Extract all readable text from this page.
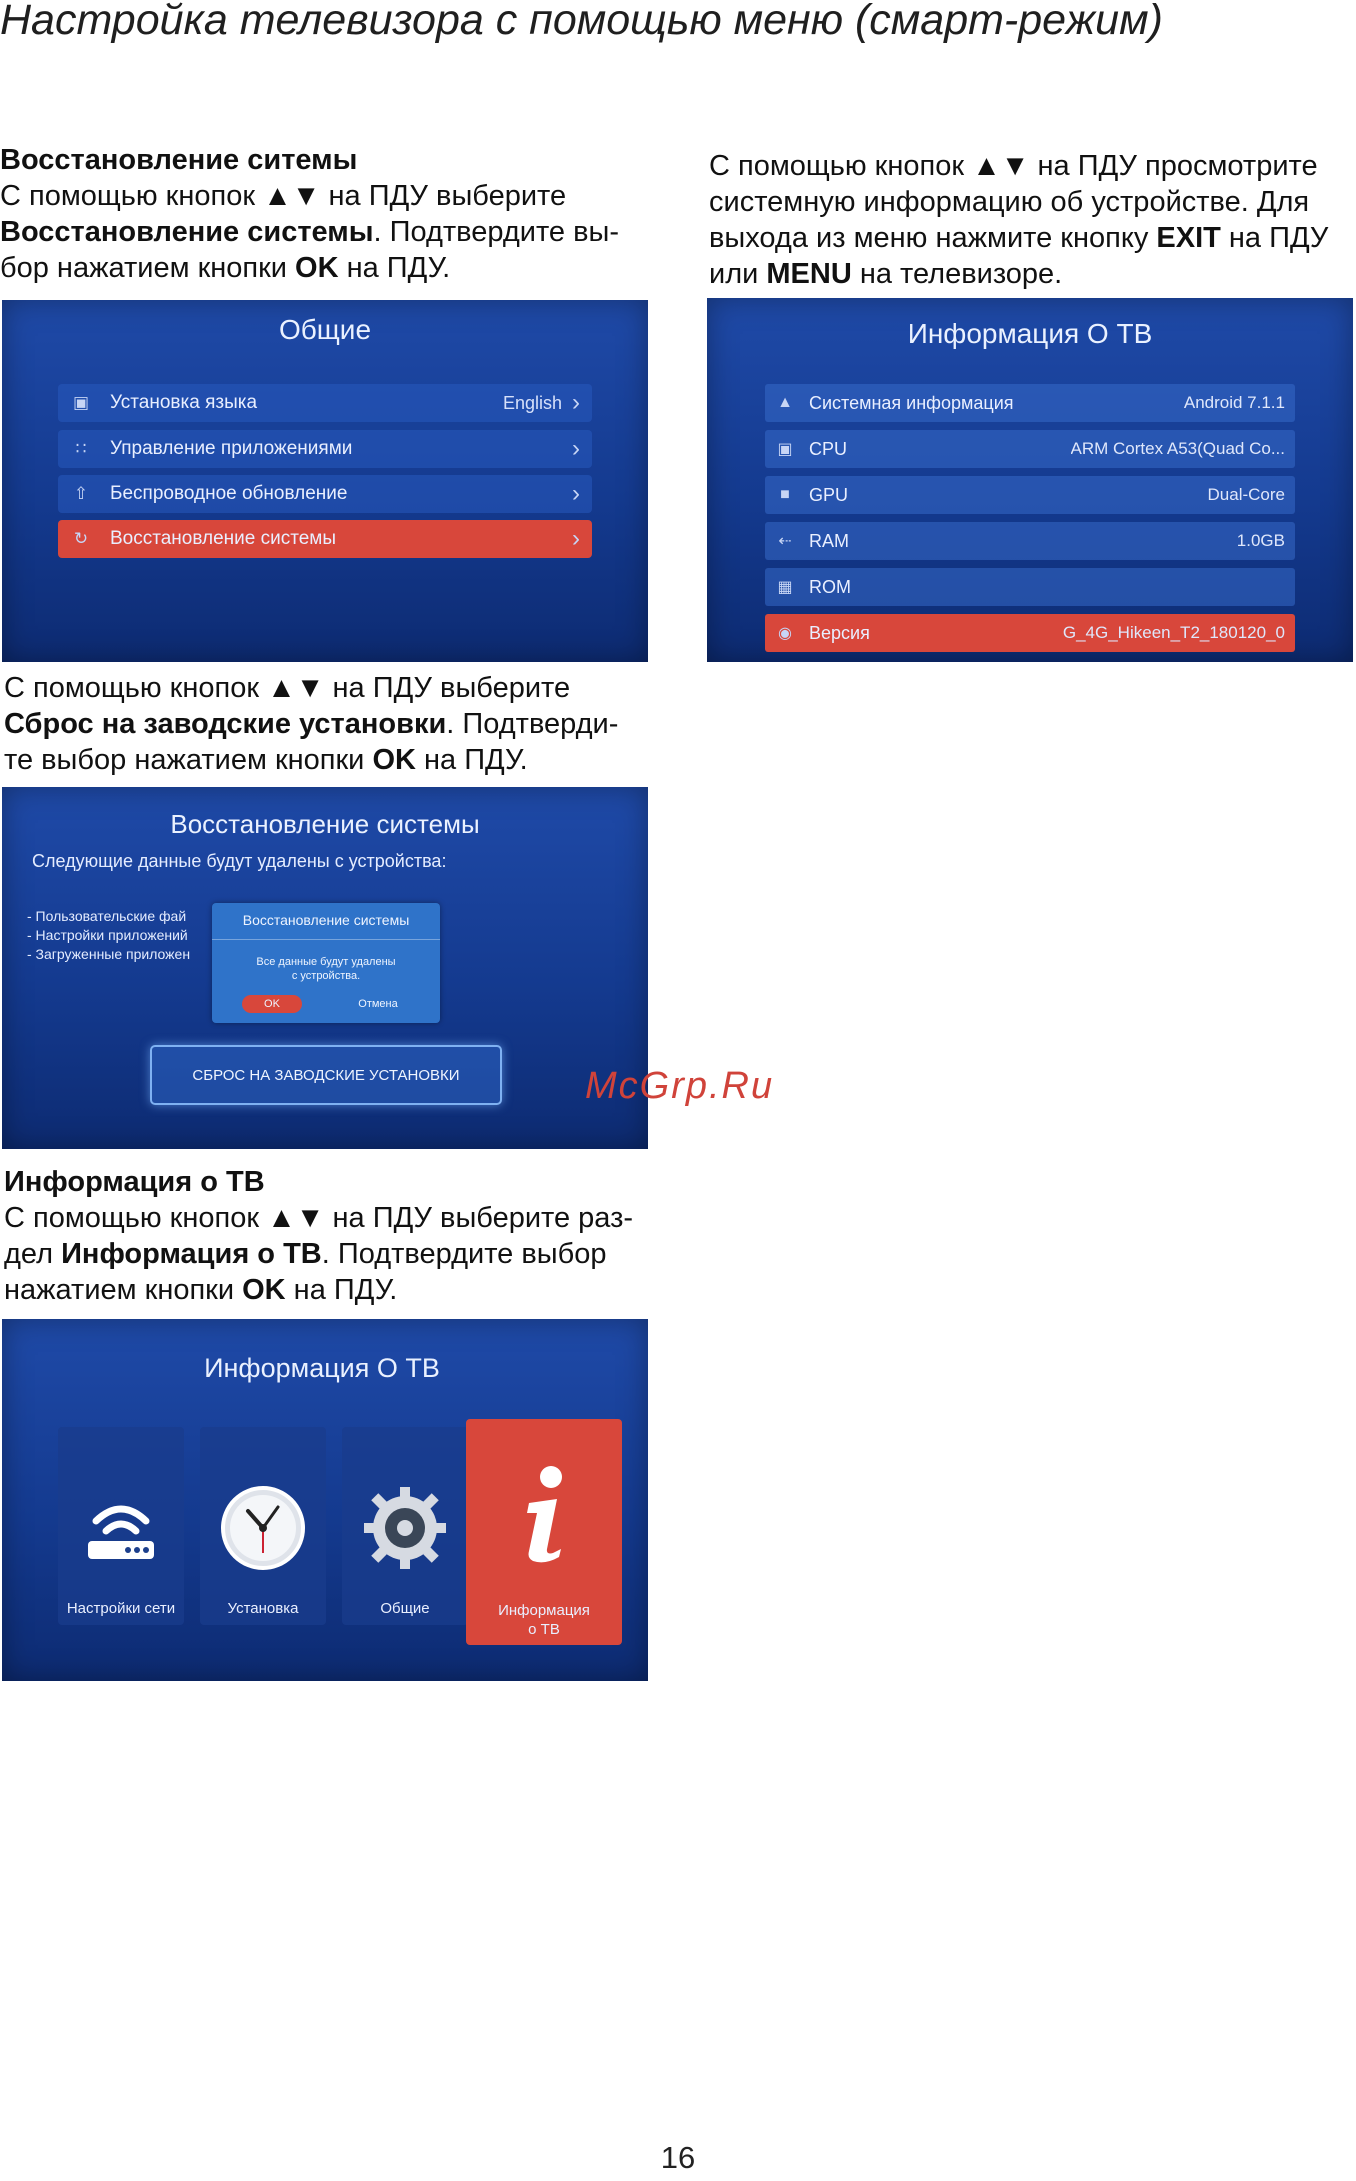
Настройка телевизора с помощью меню (смарт-режим)
Восстановление ситемы
С помощью кнопок ▲▼ на ПДУ выберите
Восстановление системы. Подтвердите вы-
бор нажатием кнопки OK на ПДУ.
С помощью кнопок ▲▼ на ПДУ просмотрите
системную информацию об устройстве. Для
выхода из меню нажмите кнопку EXIT на ПДУ
или MENU на телевизоре.
Общие
▣ Установка языка	English ›
∷ Управление приложениями	›
⇧ Беспроводное обновление	›
↻ Восстановление системы	›
Информация О ТВ
▲ Системная информация	Android 7.1.1
▣ CPU	ARM Cortex A53(Quad Co...
■ GPU	Dual-Core
⇠ RAM	1.0GB
▦ ROM
◉ Версия	G_4G_Hikeen_T2_180120_0
С помощью кнопок ▲▼ на ПДУ выберите
Сброс на заводские установки. Подтверди-
те выбор нажатием кнопки OK на ПДУ.
Восстановление системы
Следующие данные будут удалены с устройства:
- Пользовательские фай
- Настройки приложений
- Загруженные приложен
Восстановление системы
Все данные будут удалены
с устройства.
OK	Отмена
СБРОС НА ЗАВОДСКИЕ УСТАНОВКИ	McGrp.Ru
Информация о ТВ
С помощью кнопок ▲▼ на ПДУ выберите раз-
дел Информация о ТВ. Подтвердите выбор
нажатием кнопки OK на ПДУ.
Информация О ТВ
Настройки сети	Установка	Общие	Информация
о ТВ
16
